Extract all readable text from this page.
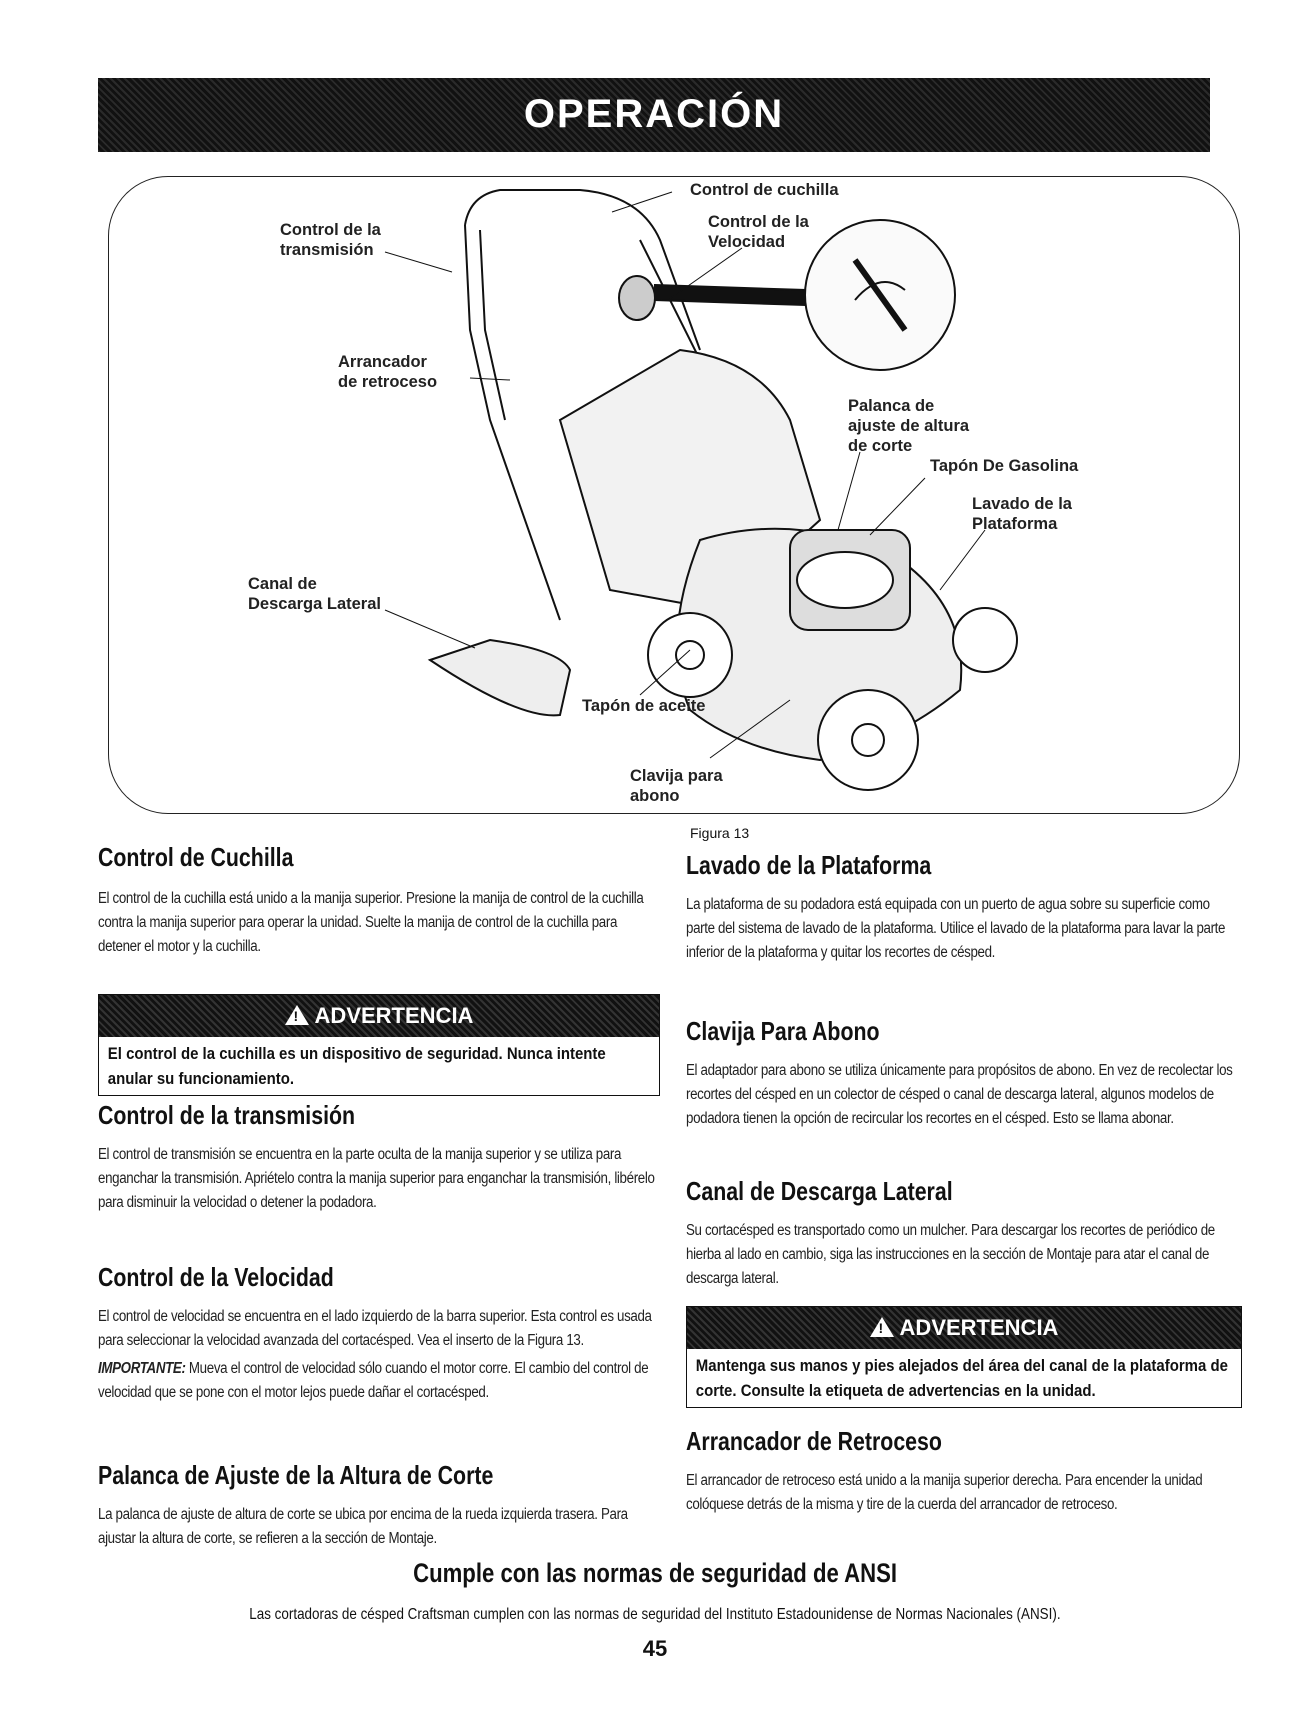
OPERACIÓN
Control de la
transmisión
Control de cuchilla
Control de la
Velocidad
Arrancador
de retroceso
Palanca de
ajuste de altura
de corte
Tapón De Gasolina
Lavado de la
Plataforma
Canal de
Descarga Lateral
Tapón de aceite
Clavija para
abono
Figura 13
Control de Cuchilla
El control de la cuchilla está unido a la manija superior. Presione la manija de control de la cuchilla contra la manija superior para operar la unidad. Suelte la manija de control de la cuchilla para detener el motor y la cuchilla.
!ADVERTENCIA
El control de la cuchilla es un dispositivo de seguridad. Nunca intente anular su funcionamiento.
Control de la transmisión
El control de transmisión se encuentra en la parte oculta de la manija superior y se utiliza para enganchar la transmisión. Apriételo contra la manija superior para enganchar la transmisión, libérelo para disminuir la velocidad o detener la podadora.
Control de la Velocidad
El control de velocidad se encuentra en el lado izquierdo de la barra superior. Esta control es usada para seleccionar la velocidad avanzada del cortacésped. Vea el inserto de la Figura 13.
IMPORTANTE: Mueva el control de velocidad sólo cuando el motor corre. El cambio del control de velocidad que se pone con el motor lejos puede dañar el cortacésped.
Palanca de Ajuste de la Altura de Corte
La palanca de ajuste de altura de corte se ubica por encima de la rueda izquierda trasera. Para ajustar la altura de corte, se refieren a la sección de Montaje.
Lavado de la Plataforma
La plataforma de su podadora está equipada con un puerto de agua sobre su superficie como parte del sistema de lavado de la plataforma. Utilice el lavado de la plataforma para lavar la parte inferior de la plataforma y quitar los recortes de césped.
Clavija Para Abono
El adaptador para abono se utiliza únicamente para propósitos de abono. En vez de recolectar los recortes del césped en un colector de césped o canal de descarga lateral, algunos modelos de podadora tienen la opción de recircular los recortes en el césped. Esto se llama abonar.
Canal de Descarga Lateral
Su cortacésped es transportado como un mulcher. Para descargar los recortes de periódico de hierba al lado en cambio, siga las instrucciones en la sección de Montaje para atar el canal de descarga lateral.
!ADVERTENCIA
Mantenga sus manos y pies alejados del área del canal de la plataforma de corte. Consulte la etiqueta de advertencias en la unidad.
Arrancador de Retroceso
El arrancador de retroceso está unido a la manija superior derecha. Para encender la unidad colóquese detrás de la misma y tire de la cuerda del arrancador de retroceso.
Cumple con las normas de seguridad de ANSI
Las cortadoras de césped Craftsman cumplen con las normas de seguridad del Instituto Estadounidense de Normas Nacionales (ANSI).
45
